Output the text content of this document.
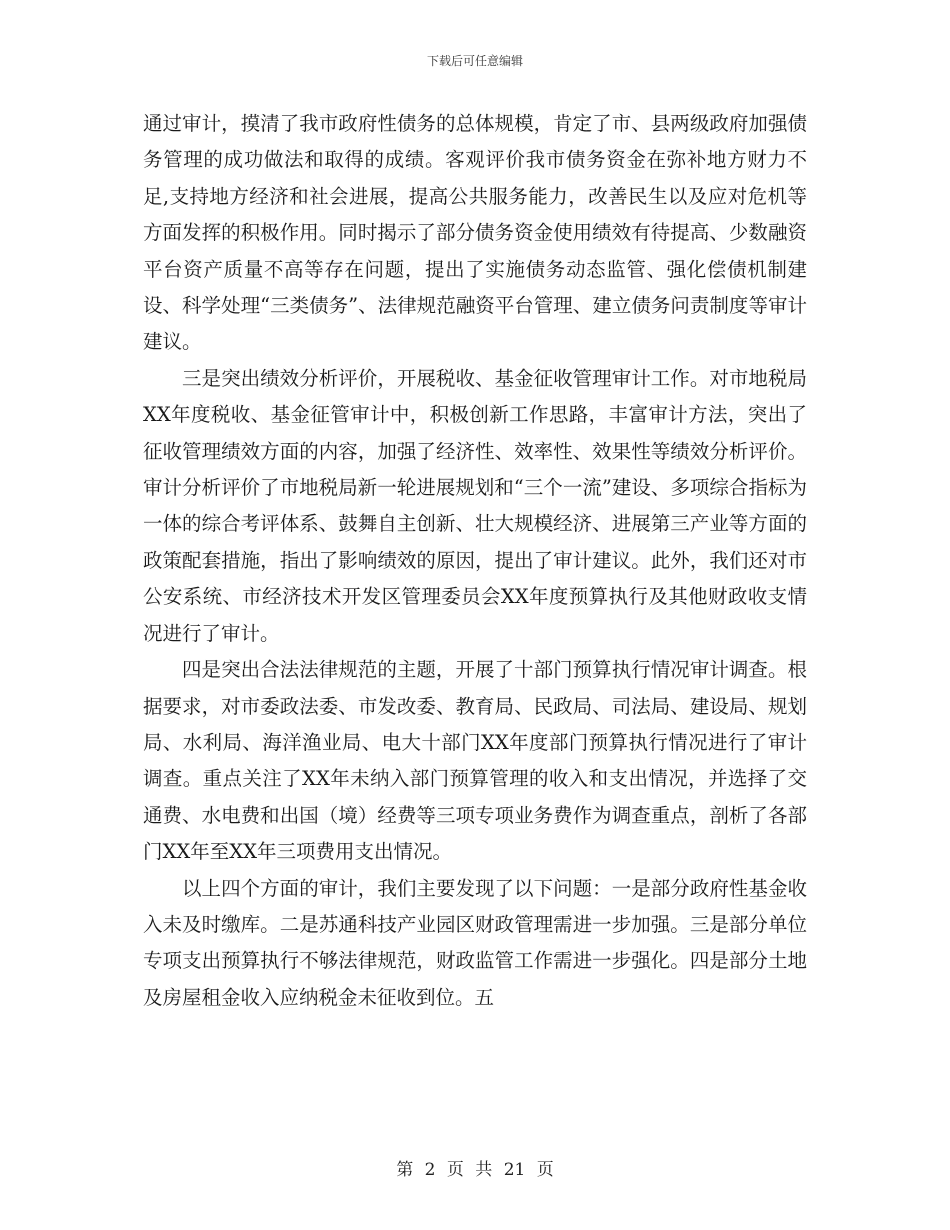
下载后可任意编辑

通过审计，摸清了我市政府性债务的总体规模，肯定了市、县两级政府加强债务管理的成功做法和取得的成绩。客观评价我市债务资金在弥补地方财力不足,支持地方经济和社会进展，提高公共服务能力，改善民生以及应对危机等方面发挥的积极作用。同时揭示了部分债务资金使用绩效有待提高、少数融资平台资产质量不高等存在问题，提出了实施债务动态监管、强化偿债机制建设、科学处理“三类债务”、法律规范融资平台管理、建立债务问责制度等审计建议。

三是突出绩效分析评价，开展税收、基金征收管理审计工作。对市地税局XX年度税收、基金征管审计中，积极创新工作思路，丰富审计方法，突出了征收管理绩效方面的内容，加强了经济性、效率性、效果性等绩效分析评价。审计分析评价了市地税局新一轮进展规划和“三个一流”建设、多项综合指标为一体的综合考评体系、鼓舞自主创新、壮大规模经济、进展第三产业等方面的政策配套措施，指出了影响绩效的原因，提出了审计建议。此外，我们还对市公安系统、市经济技术开发区管理委员会XX年度预算执行及其他财政收支情况进行了审计。

四是突出合法法律规范的主题，开展了十部门预算执行情况审计调查。根据要求，对市委政法委、市发改委、教育局、民政局、司法局、建设局、规划局、水利局、海洋渔业局、电大十部门XX年度部门预算执行情况进行了审计调查。重点关注了XX年未纳入部门预算管理的收入和支出情况，并选择了交通费、水电费和出国（境）经费等三项专项业务费作为调查重点，剖析了各部门XX年至XX年三项费用支出情况。

以上四个方面的审计，我们主要发现了以下问题：一是部分政府性基金收入未及时缴库。二是苏通科技产业园区财政管理需进一步加强。三是部分单位专项支出预算执行不够法律规范，财政监管工作需进一步强化。四是部分土地及房屋租金收入应纳税金未征收到位。五

第 2 页 共 21 页
